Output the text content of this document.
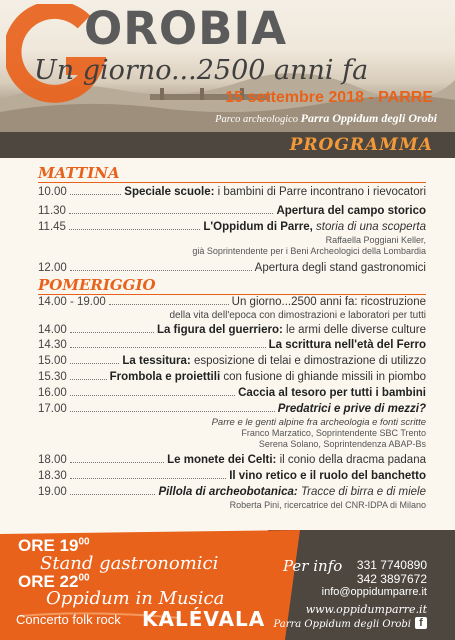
OROBIA
Un giorno...2500 anni fa
15 settembre 2018 - PARRE
Parco archeologico Parra Oppidum degli Orobi
PROGRAMMA
MATTINA
10.00	Speciale scuole: i bambini di Parre incontrano i rievocatori
11.30	Apertura del campo storico
11.45	L'Oppidum di Parre, storia di una scoperta
Raffaella Poggiani Keller,
già Soprintendente per i Beni Archeologici della Lombardia
12.00	Apertura degli stand gastronomici
POMERIGGIO
14.00 - 19.00	Un giorno...2500 anni fa: ricostruzione
della vita dell'epoca con dimostrazioni e laboratori per tutti
14.00	La figura del guerriero: le armi delle diverse culture
14.30	La scrittura nell'età del Ferro
15.00	La tessitura: esposizione di telai e dimostrazione di utilizzo
15.30	Frombola e proiettili con fusione di ghiande missili in piombo
16.00	Caccia al tesoro per tutti i bambini
17.00	Predatrici e prive di mezzi?
Parre e le genti alpine fra archeologia e fonti scritte
Franco Marzatico, Soprintendente SBC Trento
Serena Solano, Soprintendenza ABAP-Bs
18.00	Le monete dei Celti: il conio della dracma padana
18.30	Il vino retico e il ruolo del banchetto
19.00	Pillola di archeobotanica: Tracce di birra e di miele
Roberta Pini, ricercatrice del CNR-IDPA di Milano
ORE $19^{00}$
Stand gastronomici
ORE $22^{00}$
Oppidum in Musica
Concerto folk rock KALÉVALA
Per info 331 7740890
342 3897672
info@oppidumparre.it
www.oppidumparre.it
Parra Oppidum degli Orobi f
